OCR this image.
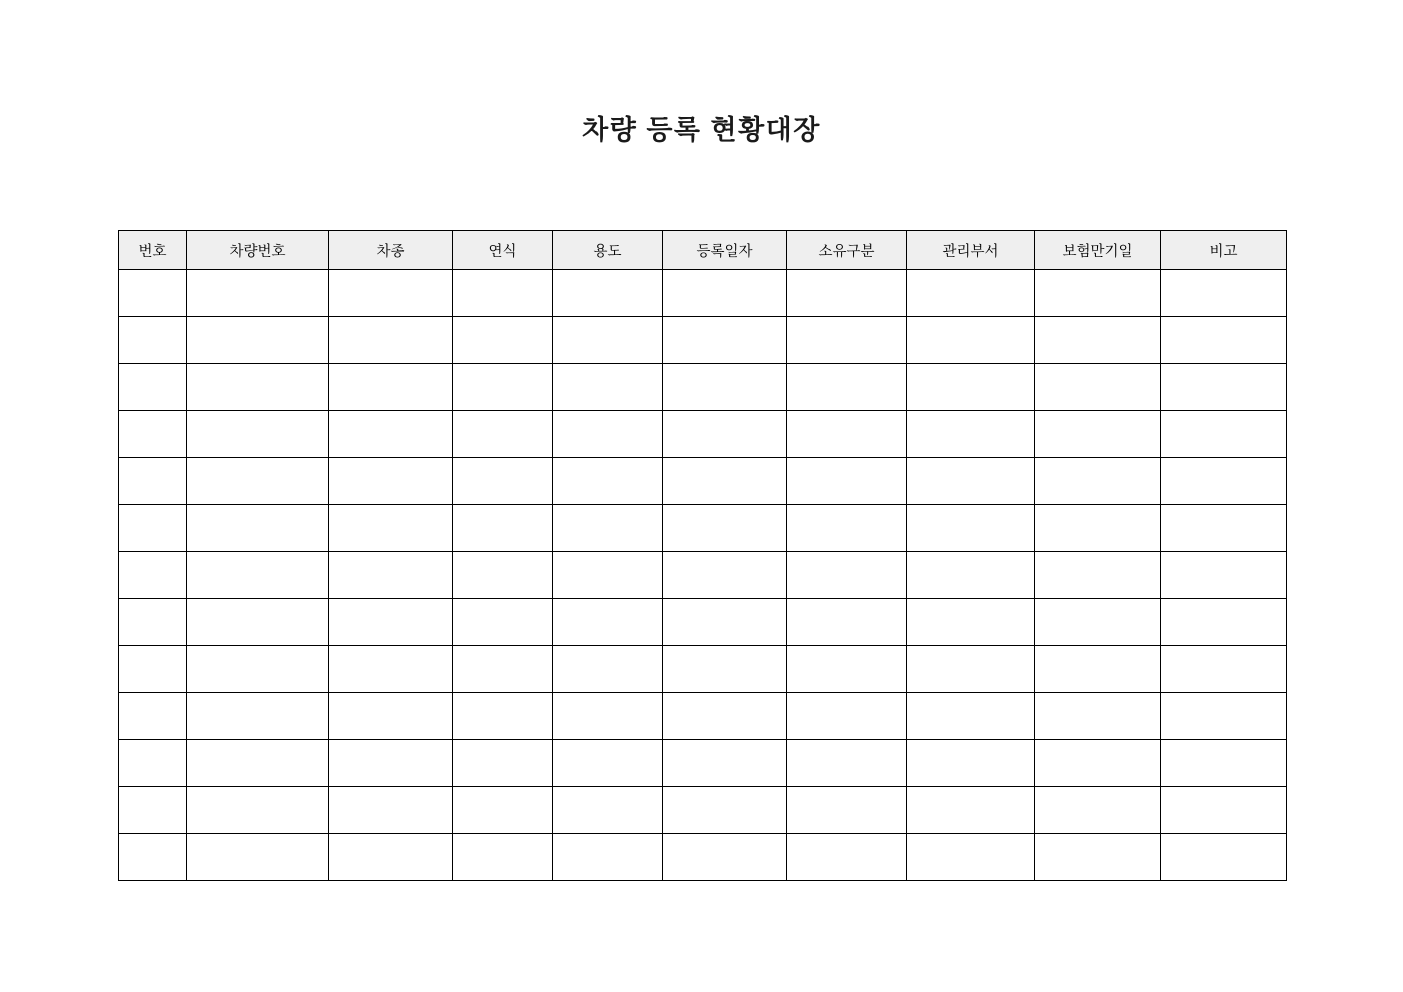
차량 등록 현황대장
번호	차량번호	차종	연식	용도	등록일자	소유구분	관리부서	보험만기일	비고
